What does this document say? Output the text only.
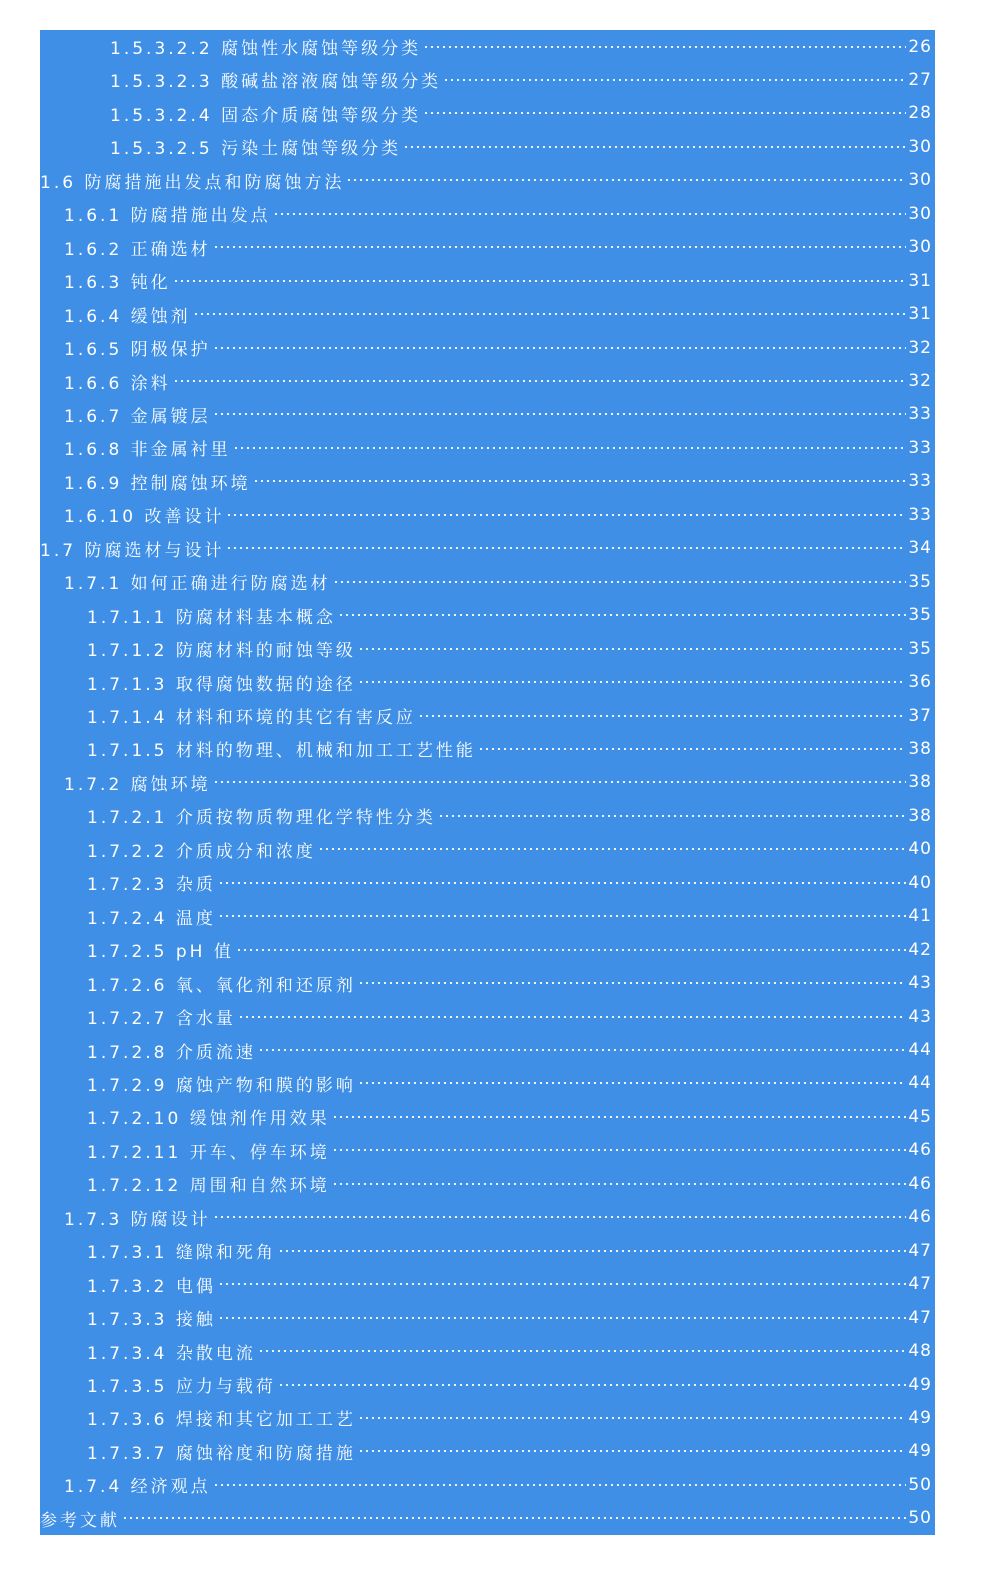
1.5.3.2.2 腐蚀性水腐蚀等级分类	26
1.5.3.2.3 酸碱盐溶液腐蚀等级分类	27
1.5.3.2.4 固态介质腐蚀等级分类	28
1.5.3.2.5 污染土腐蚀等级分类	30
1.6 防腐措施出发点和防腐蚀方法	30
1.6.1 防腐措施出发点	30
1.6.2 正确选材	30
1.6.3 钝化	31
1.6.4 缓蚀剂	31
1.6.5 阴极保护	32
1.6.6 涂料	32
1.6.7 金属镀层	33
1.6.8 非金属衬里	33
1.6.9 控制腐蚀环境	33
1.6.10 改善设计	33
1.7 防腐选材与设计	34
1.7.1 如何正确进行防腐选材	35
1.7.1.1 防腐材料基本概念	35
1.7.1.2 防腐材料的耐蚀等级	35
1.7.1.3 取得腐蚀数据的途径	36
1.7.1.4 材料和环境的其它有害反应	37
1.7.1.5 材料的物理、机械和加工工艺性能	38
1.7.2 腐蚀环境	38
1.7.2.1 介质按物质物理化学特性分类	38
1.7.2.2 介质成分和浓度	40
1.7.2.3 杂质	40
1.7.2.4 温度	41
1.7.2.5 pH 值	42
1.7.2.6 氧、氧化剂和还原剂	43
1.7.2.7 含水量	43
1.7.2.8 介质流速	44
1.7.2.9 腐蚀产物和膜的影响	44
1.7.2.10 缓蚀剂作用效果	45
1.7.2.11 开车、停车环境	46
1.7.2.12 周围和自然环境	46
1.7.3 防腐设计	46
1.7.3.1 缝隙和死角	47
1.7.3.2 电偶	47
1.7.3.3 接触	47
1.7.3.4 杂散电流	48
1.7.3.5 应力与载荷	49
1.7.3.6 焊接和其它加工工艺	49
1.7.3.7 腐蚀裕度和防腐措施	49
1.7.4 经济观点	50
参考文献	50
